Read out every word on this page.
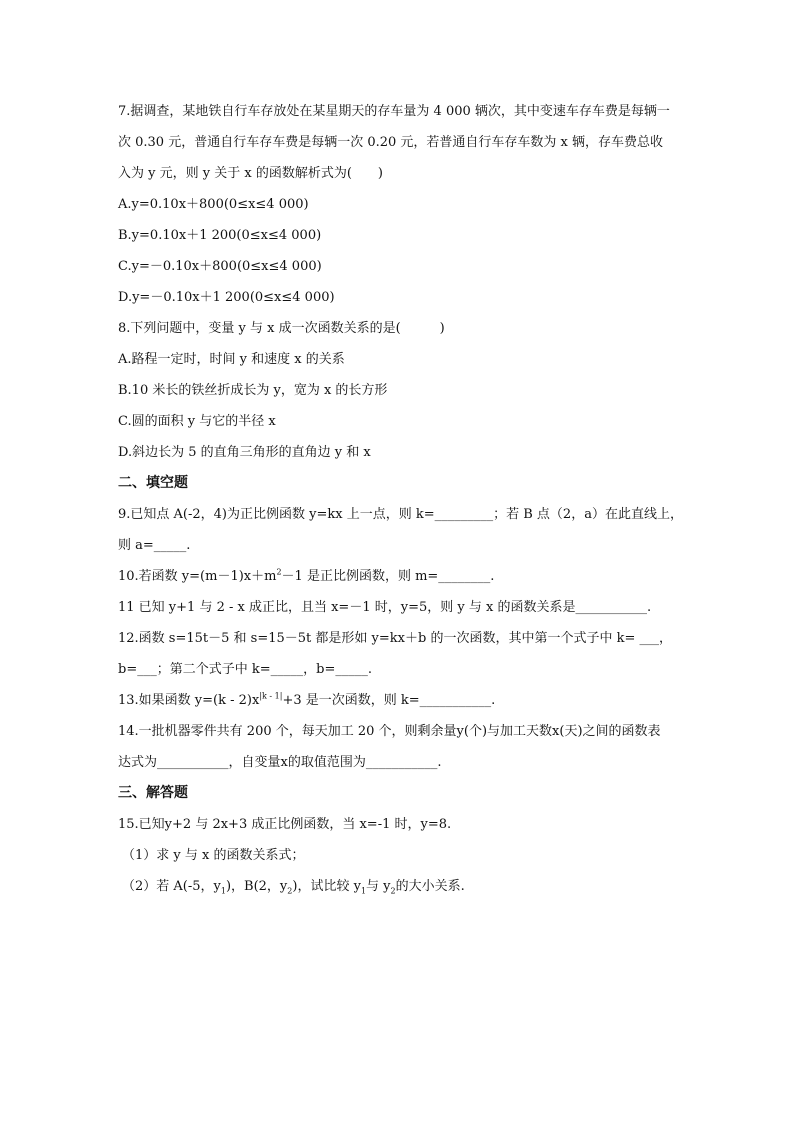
7.据调查，某地铁自行车存放处在某星期天的存车量为 4 000 辆次，其中变速车存车费是每辆一
次 0.30 元，普通自行车存车费是每辆一次 0.20 元，若普通自行车存车数为 x 辆，存车费总收
入为 y 元，则 y 关于 x 的函数解析式为(　　)
A.y=0.10x＋800(0≤x≤4 000)
B.y=0.10x＋1 200(0≤x≤4 000)
C.y=－0.10x＋800(0≤x≤4 000)
D.y=－0.10x＋1 200(0≤x≤4 000)
8.下列问题中，变量 y 与 x 成一次函数关系的是(　　　)
A.路程一定时，时间 y 和速度 x 的关系
B.10 米长的铁丝折成长为 y，宽为 x 的长方形
C.圆的面积 y 与它的半径 x
D.斜边长为 5 的直角三角形的直角边 y 和 x
二、填空题
9.已知点 A(-2，4)为正比例函数 y=kx 上一点，则 k=_________；若 B 点（2，a）在此直线上，
则 a=_____.
10.若函数 $y=(m-1)x+m^2-1$ 是正比例函数，则 m=________.
11 已知 y+1 与 2 - x 成正比，且当 x=－1 时，y=5，则 y 与 x 的函数关系是___________.
12.函数 s=15t－5 和 s=15－5t 都是形如 y=kx＋b 的一次函数，其中第一个式子中 k= ___，
b=___；第二个式子中 k=_____，b=_____.
13.如果函数 $y=(k - 2)x^{|k - 1|}+3$ 是一次函数，则 k=___________.
14.一批机器零件共有 200 个，每天加工 20 个，则剩余量y(个)与加工天数x(天)之间的函数表
达式为___________，自变量x的取值范围为___________.
三、解答题
15.已知y+2 与 2x+3 成正比例函数，当 x=-1 时，y=8.
（1）求 y 与 x 的函数关系式；
（2）若 A(-5，$y_1$)，B(2，$y_2$)，试比较 $y_1$与 $y_2$的大小关系.
